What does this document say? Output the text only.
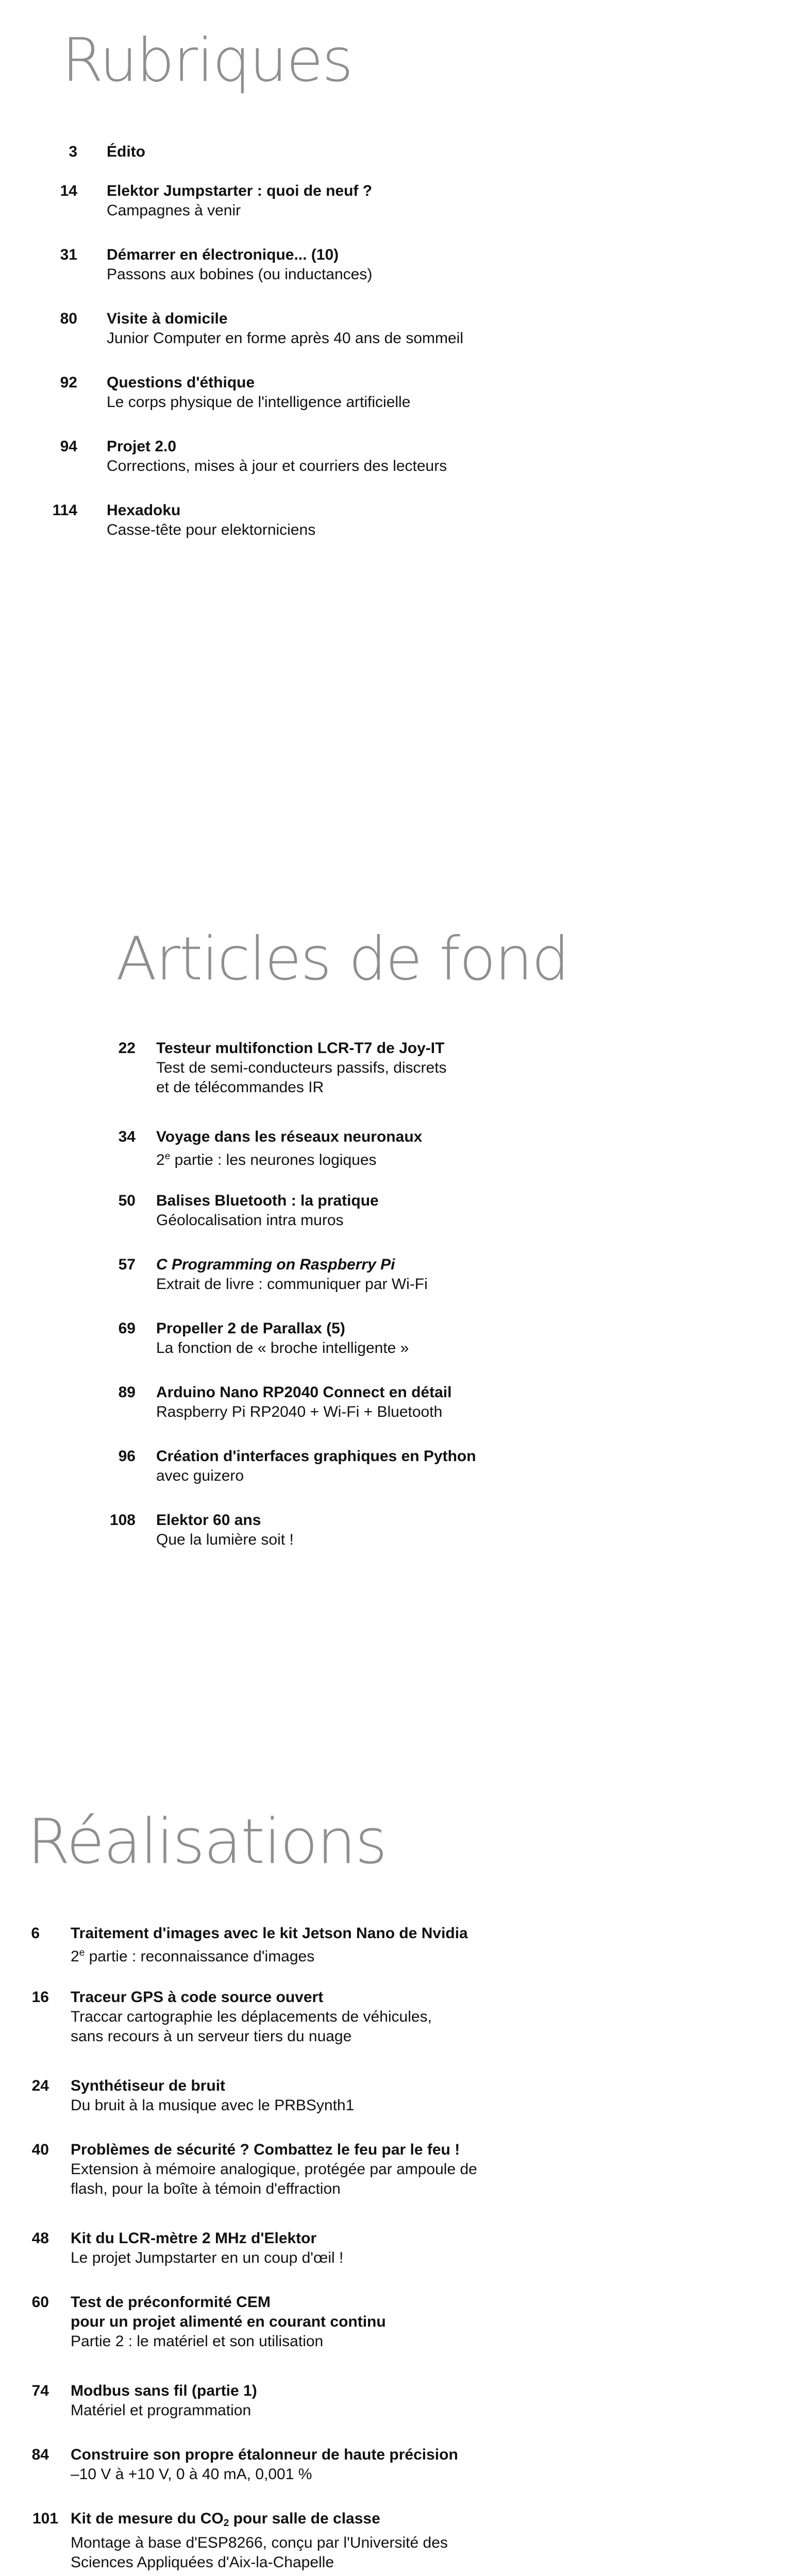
Rubriques
3 Édito
14 Elektor Jumpstarter : quoi de neuf ?
Campagnes à venir
31 Démarrer en électronique... (10)
Passons aux bobines (ou inductances)
80 Visite à domicile
Junior Computer en forme après 40 ans de sommeil
92 Questions d'éthique
Le corps physique de l'intelligence artificielle
94 Projet 2.0
Corrections, mises à jour et courriers des lecteurs
114 Hexadoku
Casse-tête pour elektorniciens
Articles de fond
22 Testeur multifonction LCR-T7 de Joy-IT
Test de semi-conducteurs passifs, discrets
et de télécommandes IR
34 Voyage dans les réseaux neuronaux
2e partie : les neurones logiques
50 Balises Bluetooth : la pratique
Géolocalisation intra muros
57 C Programming on Raspberry Pi
Extrait de livre : communiquer par Wi-Fi
69 Propeller 2 de Parallax (5)
La fonction de « broche intelligente »
89 Arduino Nano RP2040 Connect en détail
Raspberry Pi RP2040 + Wi-Fi + Bluetooth
96 Création d'interfaces graphiques en Python
avec guizero
108 Elektor 60 ans
Que la lumière soit !
Réalisations
6 Traitement d'images avec le kit Jetson Nano de Nvidia
2e partie : reconnaissance d'images
16 Traceur GPS à code source ouvert
Traccar cartographie les déplacements de véhicules,
sans recours à un serveur tiers du nuage
24 Synthétiseur de bruit
Du bruit à la musique avec le PRBSynth1
40 Problèmes de sécurité ? Combattez le feu par le feu !
Extension à mémoire analogique, protégée par ampoule de
flash, pour la boîte à témoin d'effraction
48 Kit du LCR-mètre 2 MHz d'Elektor
Le projet Jumpstarter en un coup d'œil !
60 Test de préconformité CEM
pour un projet alimenté en courant continu
Partie 2 : le matériel et son utilisation
74 Modbus sans fil (partie 1)
Matériel et programmation
84 Construire son propre étalonneur de haute précision
–10 V à +10 V, 0 à 40 mA, 0,001 %
101 Kit de mesure du CO2 pour salle de classe
Montage à base d'ESP8266, conçu par l'Université des
Sciences Appliquées d'Aix-la-Chapelle
